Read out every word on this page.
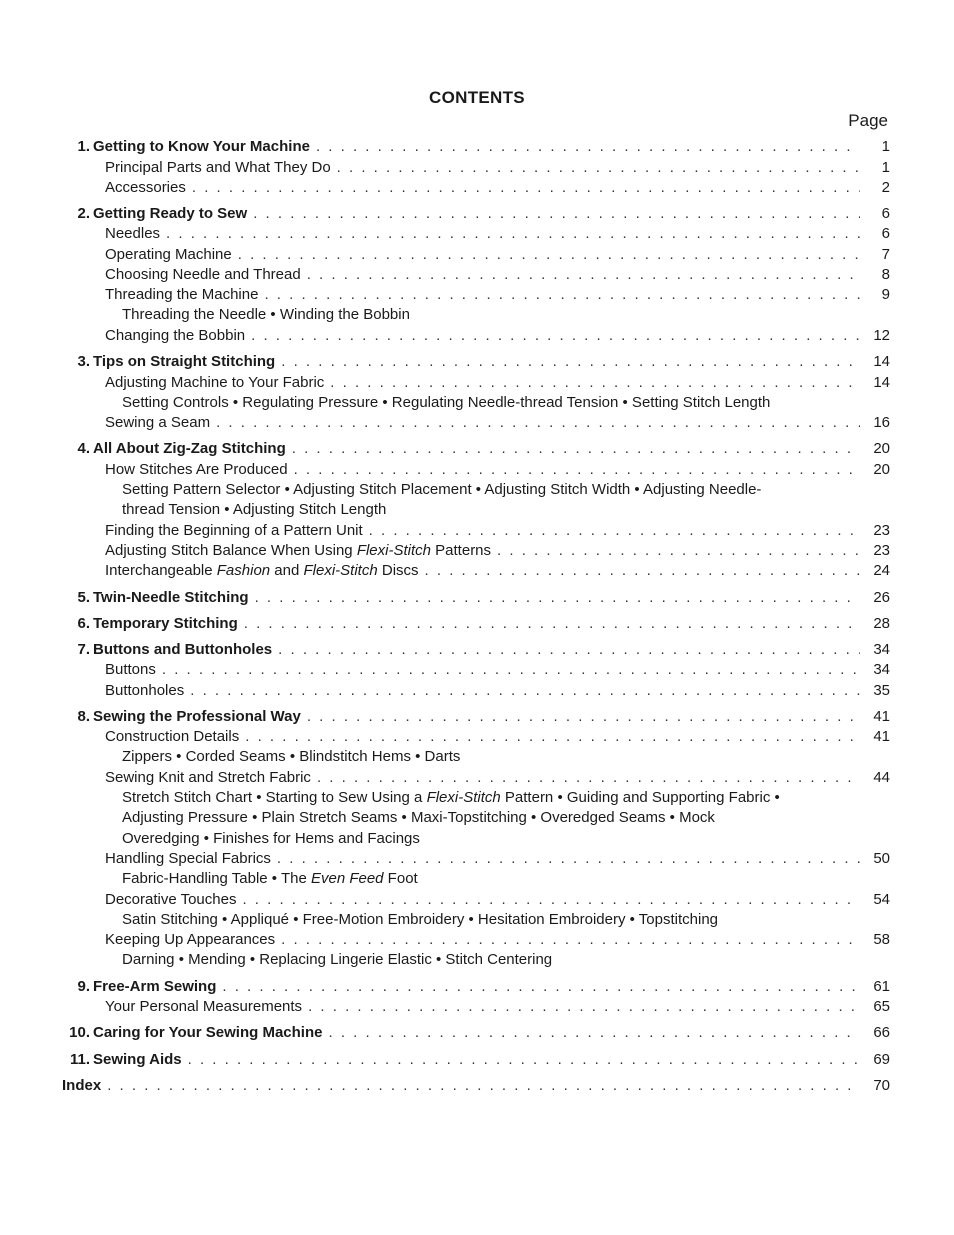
CONTENTS
Page
1. Getting to Know Your Machine . . .	1
Principal Parts and What They Do . . .	1
Accessories . . .	2
2. Getting Ready to Sew . . .	6
Needles . . .	6
Operating Machine . . .	7
Choosing Needle and Thread . . .	8
Threading the Machine . . .	9
Threading the Needle • Winding the Bobbin
Changing the Bobbin . . .	12
3. Tips on Straight Stitching . . .	14
Adjusting Machine to Your Fabric . . .	14
Setting Controls • Regulating Pressure • Regulating Needle-thread Tension • Setting Stitch Length
Sewing a Seam . . .	16
4. All About Zig-Zag Stitching . . .	20
How Stitches Are Produced . . .	20
Setting Pattern Selector • Adjusting Stitch Placement • Adjusting Stitch Width • Adjusting Needle-thread Tension • Adjusting Stitch Length
Finding the Beginning of a Pattern Unit . . .	23
Adjusting Stitch Balance When Using Flexi-Stitch Patterns . . .	23
Interchangeable Fashion and Flexi-Stitch Discs . . .	24
5. Twin-Needle Stitching . . .	26
6. Temporary Stitching . . .	28
7. Buttons and Buttonholes . . .	34
Buttons . . .	34
Buttonholes . . .	35
8. Sewing the Professional Way . . .	41
Construction Details . . .	41
Zippers • Corded Seams • Blindstitch Hems • Darts
Sewing Knit and Stretch Fabric . . .	44
Stretch Stitch Chart • Starting to Sew Using a Flexi-Stitch Pattern • Guiding and Supporting Fabric • Adjusting Pressure • Plain Stretch Seams • Maxi-Topstitching • Overedged Seams • Mock Overedging • Finishes for Hems and Facings
Handling Special Fabrics . . .	50
Fabric-Handling Table • The Even Feed Foot
Decorative Touches . . .	54
Satin Stitching • Appliqué • Free-Motion Embroidery • Hesitation Embroidery • Topstitching
Keeping Up Appearances . . .	58
Darning • Mending • Replacing Lingerie Elastic • Stitch Centering
9. Free-Arm Sewing . . .	61
Your Personal Measurements . . .	65
10. Caring for Your Sewing Machine . . .	66
11. Sewing Aids . . .	69
Index . . .	70
